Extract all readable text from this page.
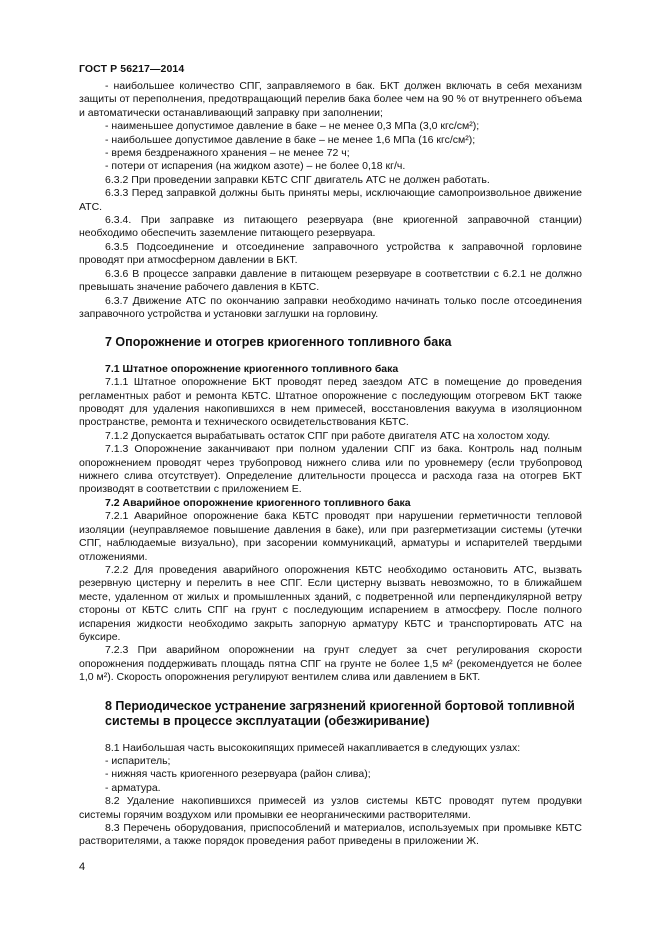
ГОСТ Р 56217—2014

- наибольшее количество СПГ, заправляемого в бак. БКТ должен включать в себя механизм защиты от переполнения, предотвращающий перелив бака более чем на 90 % от внутреннего объема и автоматически останавливающий заправку при заполнении;

- наименьшее допустимое давление в баке – не менее 0,3 МПа (3,0 кгс/см²);

- наибольшее допустимое давление в баке – не менее 1,6 МПа (16 кгс/см²);

- время бездренажного хранения – не менее 72 ч;

- потери от испарения (на жидком азоте) – не более 0,18 кг/ч.

6.3.2 При проведении заправки КБТС СПГ двигатель АТС не должен работать.

6.3.3 Перед заправкой должны быть приняты меры, исключающие самопроизвольное движение АТС.

6.3.4. При заправке из питающего резервуара (вне криогенной заправочной станции) необходимо обеспечить заземление питающего резервуара.

6.3.5 Подсоединение и отсоединение заправочного устройства к заправочной горловине проводят при атмосферном давлении в БКТ.

6.3.6 В процессе заправки давление в питающем резервуаре в соответствии с 6.2.1 не должно превышать значение рабочего давления в КБТС.

6.3.7 Движение АТС по окончанию заправки необходимо начинать только после отсоединения заправочного устройства и установки заглушки на горловину.

7 Опорожнение и отогрев криогенного топливного бака

7.1 Штатное опорожнение криогенного топливного бака

7.1.1 Штатное опорожнение БКТ проводят перед заездом АТС в помещение до проведения регламентных работ и ремонта КБТС. Штатное опорожнение с последующим отогревом БКТ также проводят для удаления накопившихся в нем примесей, восстановления вакуума в изоляционном пространстве, ремонта и технического освидетельствования КБТС.

7.1.2 Допускается вырабатывать остаток СПГ при работе двигателя АТС на холостом ходу.

7.1.3 Опорожнение заканчивают при полном удалении СПГ из бака. Контроль над полным опорожнением проводят через трубопровод нижнего слива или по уровнемеру (если трубопровод нижнего слива отсутствует). Определение длительности процесса и расхода газа на отогрев БКТ производят в соответствии с приложением Е.

7.2 Аварийное опорожнение криогенного топливного бака

7.2.1 Аварийное опорожнение бака КБТС проводят при нарушении герметичности тепловой изоляции (неуправляемое повышение давления в баке), или при разгерметизации системы (утечки СПГ, наблюдаемые визуально), при засорении коммуникаций, арматуры и испарителей твердыми отложениями.

7.2.2 Для проведения аварийного опорожнения КБТС необходимо остановить АТС, вызвать резервную цистерну и перелить в нее СПГ. Если цистерну вызвать невозможно, то в ближайшем месте, удаленном от жилых и промышленных зданий, с подветренной или перпендикулярной ветру стороны от КБТС слить СПГ на грунт с последующим испарением в атмосферу. После полного испарения жидкости необходимо закрыть запорную арматуру КБТС и транспортировать АТС на буксире.

7.2.3 При аварийном опорожнении на грунт следует за счет регулирования скорости опорожнения поддерживать площадь пятна СПГ на грунте не более 1,5 м² (рекомендуется не более 1,0 м²). Скорость опорожнения регулируют вентилем слива или давлением в БКТ.

8 Периодическое устранение загрязнений криогенной бортовой топливной системы в процессе эксплуатации (обезжиривание)

8.1 Наибольшая часть высококипящих примесей накапливается в следующих узлах:

- испаритель;

- нижняя часть криогенного резервуара (район слива);

- арматура.

8.2 Удаление накопившихся примесей из узлов системы КБТС проводят путем продувки системы горячим воздухом или промывки ее неорганическими растворителями.

8.3 Перечень оборудования, приспособлений и материалов, используемых при промывке КБТС растворителями, а также порядок проведения работ приведены в приложении Ж.

4
